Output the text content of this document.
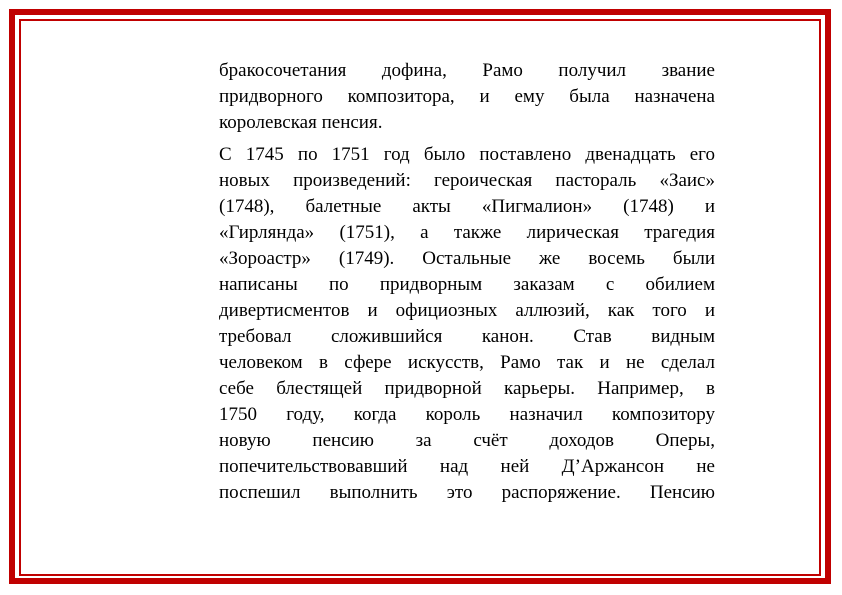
бракосочетания дофина, Рамо получил звание
придворного композитора, и ему была назначена
королевская пенсия.
С 1745 по 1751 год было поставлено двенадцать его
новых произведений: героическая пастораль «Заис»
(1748), балетные акты «Пигмалион» (1748) и
«Гирлянда» (1751), а также лирическая трагедия
«Зороастр» (1749). Остальные же восемь были
написаны по придворным заказам с обилием
дивертисментов и официозных аллюзий, как того и
требовал сложившийся канон. Став видным
человеком в сфере искусств, Рамо так и не сделал
себе блестящей придворной карьеры. Например, в
1750 году, когда король назначил композитору
новую пенсию за счёт доходов Оперы,
попечительствовавший над ней Д’Аржансон не
поспешил выполнить это распоряжение. Пенсию
